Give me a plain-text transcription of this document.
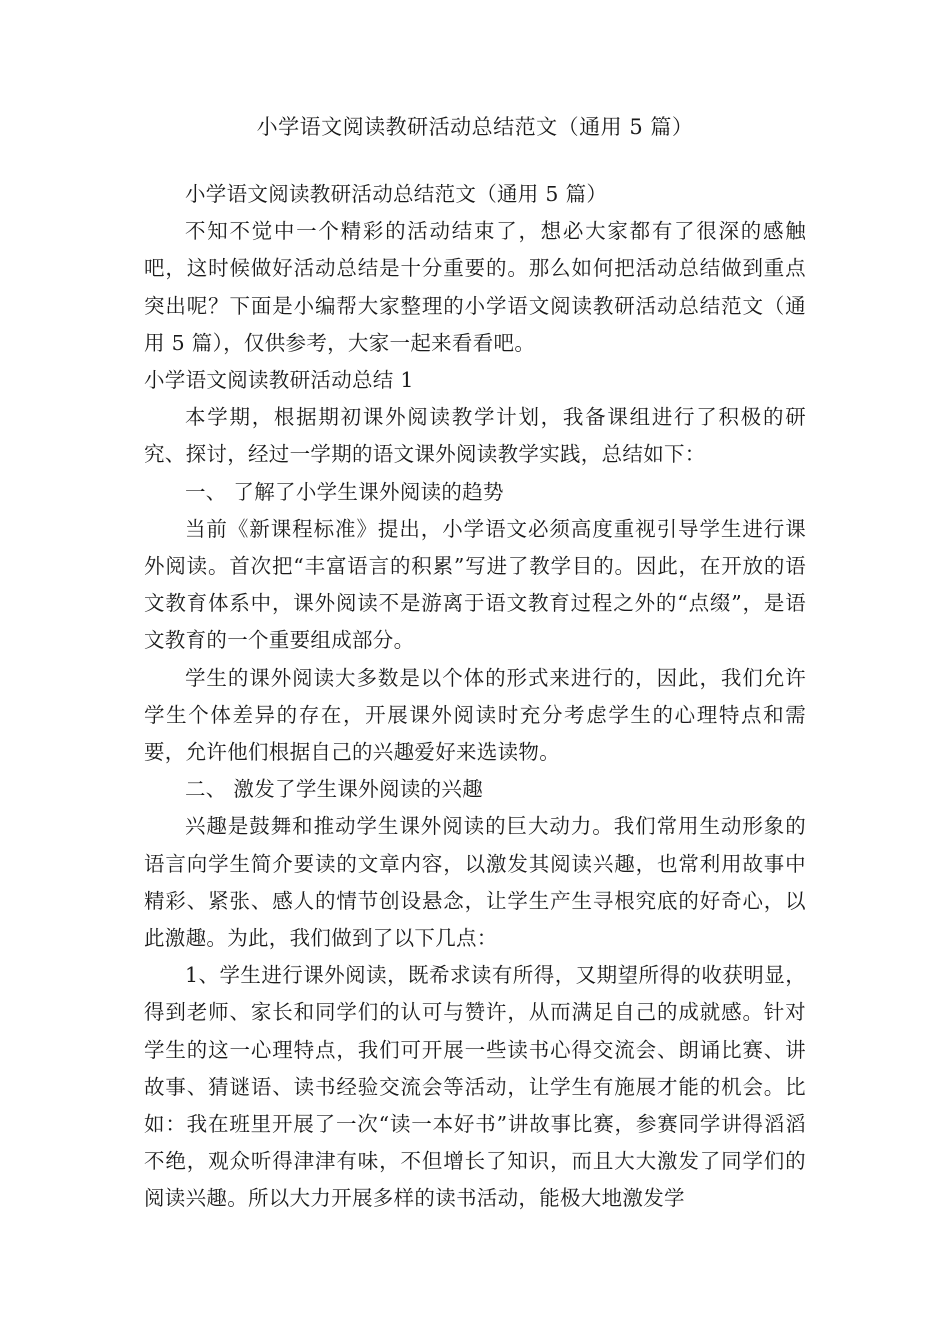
小学语文阅读教研活动总结范文（通用 5 篇）

小学语文阅读教研活动总结范文（通用 5 篇）

不知不觉中一个精彩的活动结束了，想必大家都有了很深的感触吧，这时候做好活动总结是十分重要的。那么如何把活动总结做到重点突出呢？下面是小编帮大家整理的小学语文阅读教研活动总结范文（通用 5 篇），仅供参考，大家一起来看看吧。

小学语文阅读教研活动总结 1

本学期，根据期初课外阅读教学计划，我备课组进行了积极的研究、探讨，经过一学期的语文课外阅读教学实践，总结如下：

一、 了解了小学生课外阅读的趋势

当前《新课程标准》提出，小学语文必须高度重视引导学生进行课外阅读。首次把“丰富语言的积累”写进了教学目的。因此，在开放的语文教育体系中，课外阅读不是游离于语文教育过程之外的“点缀”，是语文教育的一个重要组成部分。

学生的课外阅读大多数是以个体的形式来进行的，因此，我们允许学生个体差异的存在，开展课外阅读时充分考虑学生的心理特点和需要，允许他们根据自己的兴趣爱好来选读物。

二、 激发了学生课外阅读的兴趣

兴趣是鼓舞和推动学生课外阅读的巨大动力。我们常用生动形象的语言向学生简介要读的文章内容，以激发其阅读兴趣，也常利用故事中精彩、紧张、感人的情节创设悬念，让学生产生寻根究底的好奇心，以此激趣。为此，我们做到了以下几点：

1、学生进行课外阅读，既希求读有所得，又期望所得的收获明显，得到老师、家长和同学们的认可与赞许，从而满足自己的成就感。针对学生的这一心理特点，我们可开展一些读书心得交流会、朗诵比赛、讲故事、猜谜语、读书经验交流会等活动，让学生有施展才能的机会。比如：我在班里开展了一次“读一本好书”讲故事比赛，参赛同学讲得滔滔不绝，观众听得津津有味，不但增长了知识，而且大大激发了同学们的阅读兴趣。所以大力开展多样的读书活动，能极大地激发学
